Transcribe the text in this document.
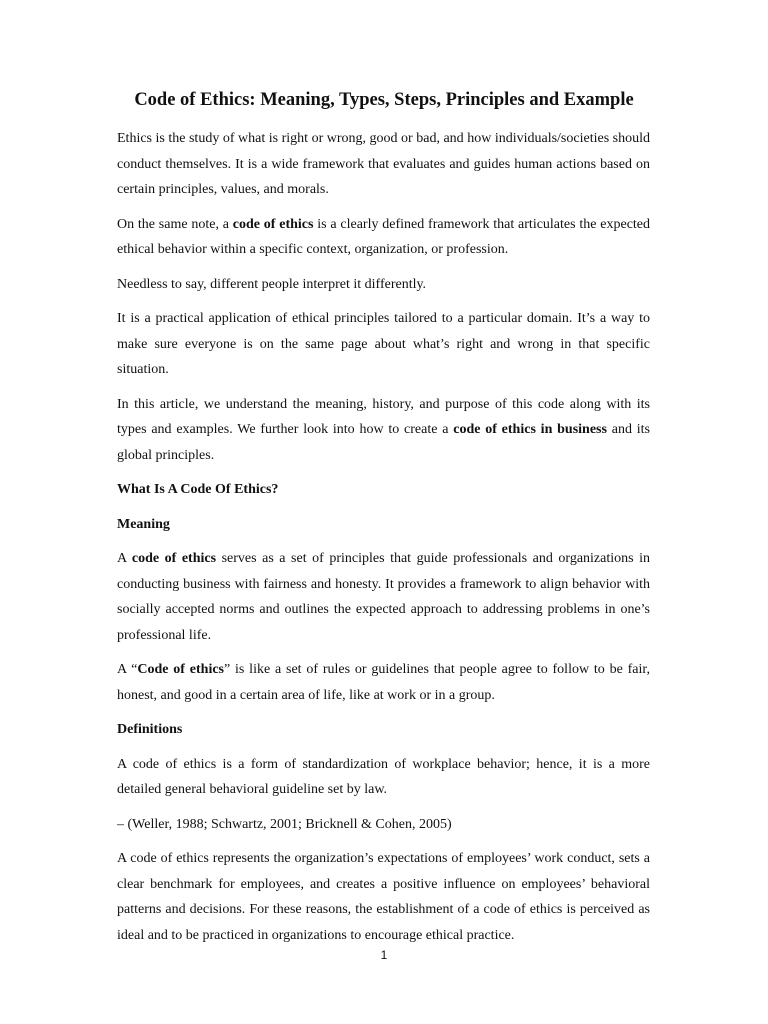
Code of Ethics: Meaning, Types, Steps, Principles and Example

Ethics is the study of what is right or wrong, good or bad, and how individuals/societies should conduct themselves. It is a wide framework that evaluates and guides human actions based on certain principles, values, and morals.

On the same note, a code of ethics is a clearly defined framework that articulates the expected ethical behavior within a specific context, organization, or profession.

Needless to say, different people interpret it differently.

It is a practical application of ethical principles tailored to a particular domain. It’s a way to make sure everyone is on the same page about what’s right and wrong in that specific situation.

In this article, we understand the meaning, history, and purpose of this code along with its types and examples. We further look into how to create a code of ethics in business and its global principles.

What Is A Code Of Ethics?

Meaning

A code of ethics serves as a set of principles that guide professionals and organizations in conducting business with fairness and honesty. It provides a framework to align behavior with socially accepted norms and outlines the expected approach to addressing problems in one’s professional life.

A “Code of ethics” is like a set of rules or guidelines that people agree to follow to be fair, honest, and good in a certain area of life, like at work or in a group.

Definitions

A code of ethics is a form of standardization of workplace behavior; hence, it is a more detailed general behavioral guideline set by law.

– (Weller, 1988; Schwartz, 2001; Bricknell & Cohen, 2005)

A code of ethics represents the organization’s expectations of employees’ work conduct, sets a clear benchmark for employees, and creates a positive influence on employees’ behavioral patterns and decisions. For these reasons, the establishment of a code of ethics is perceived as ideal and to be practiced in organizations to encourage ethical practice.

1
